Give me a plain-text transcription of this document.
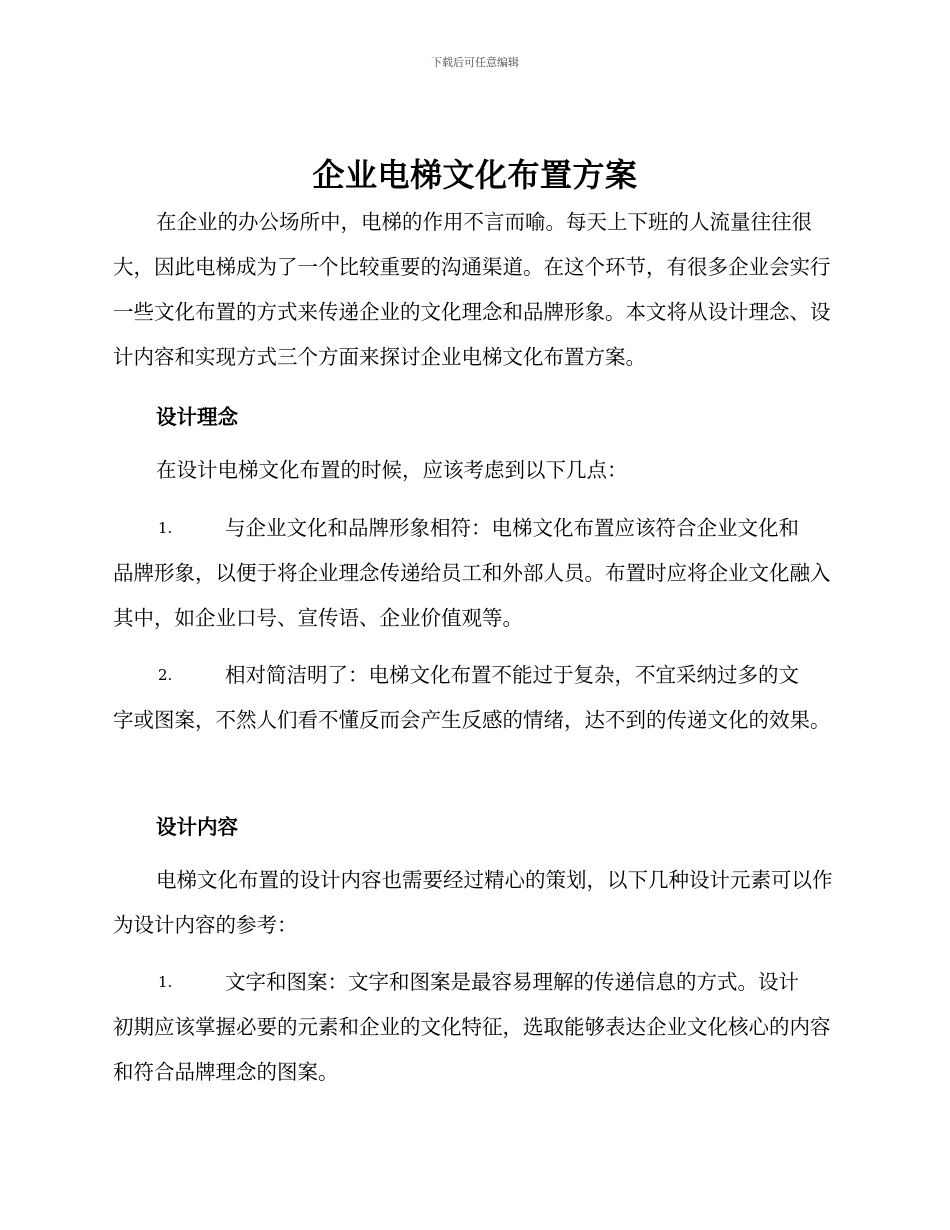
下载后可任意编辑
企业电梯文化布置方案

在企业的办公场所中，电梯的作用不言而喻。每天上下班的人流量往往很大，因此电梯成为了一个比较重要的沟通渠道。在这个环节，有很多企业会实行一些文化布置的方式来传递企业的文化理念和品牌形象。本文将从设计理念、设计内容和实现方式三个方面来探讨企业电梯文化布置方案。

设计理念

在设计电梯文化布置的时候，应该考虑到以下几点：

1.	与企业文化和品牌形象相符：电梯文化布置应该符合企业文化和
品牌形象，以便于将企业理念传递给员工和外部人员。布置时应将企业文化融入其中，如企业口号、宣传语、企业价值观等。
2.	相对简洁明了：电梯文化布置不能过于复杂，不宜采纳过多的文
字或图案，不然人们看不懂反而会产生反感的情绪，达不到的传递文化的效果。
设计内容

电梯文化布置的设计内容也需要经过精心的策划，以下几种设计元素可以作为设计内容的参考：

1.	文字和图案：文字和图案是最容易理解的传递信息的方式。设计
初期应该掌握必要的元素和企业的文化特征，选取能够表达企业文化核心的内容和符合品牌理念的图案。
